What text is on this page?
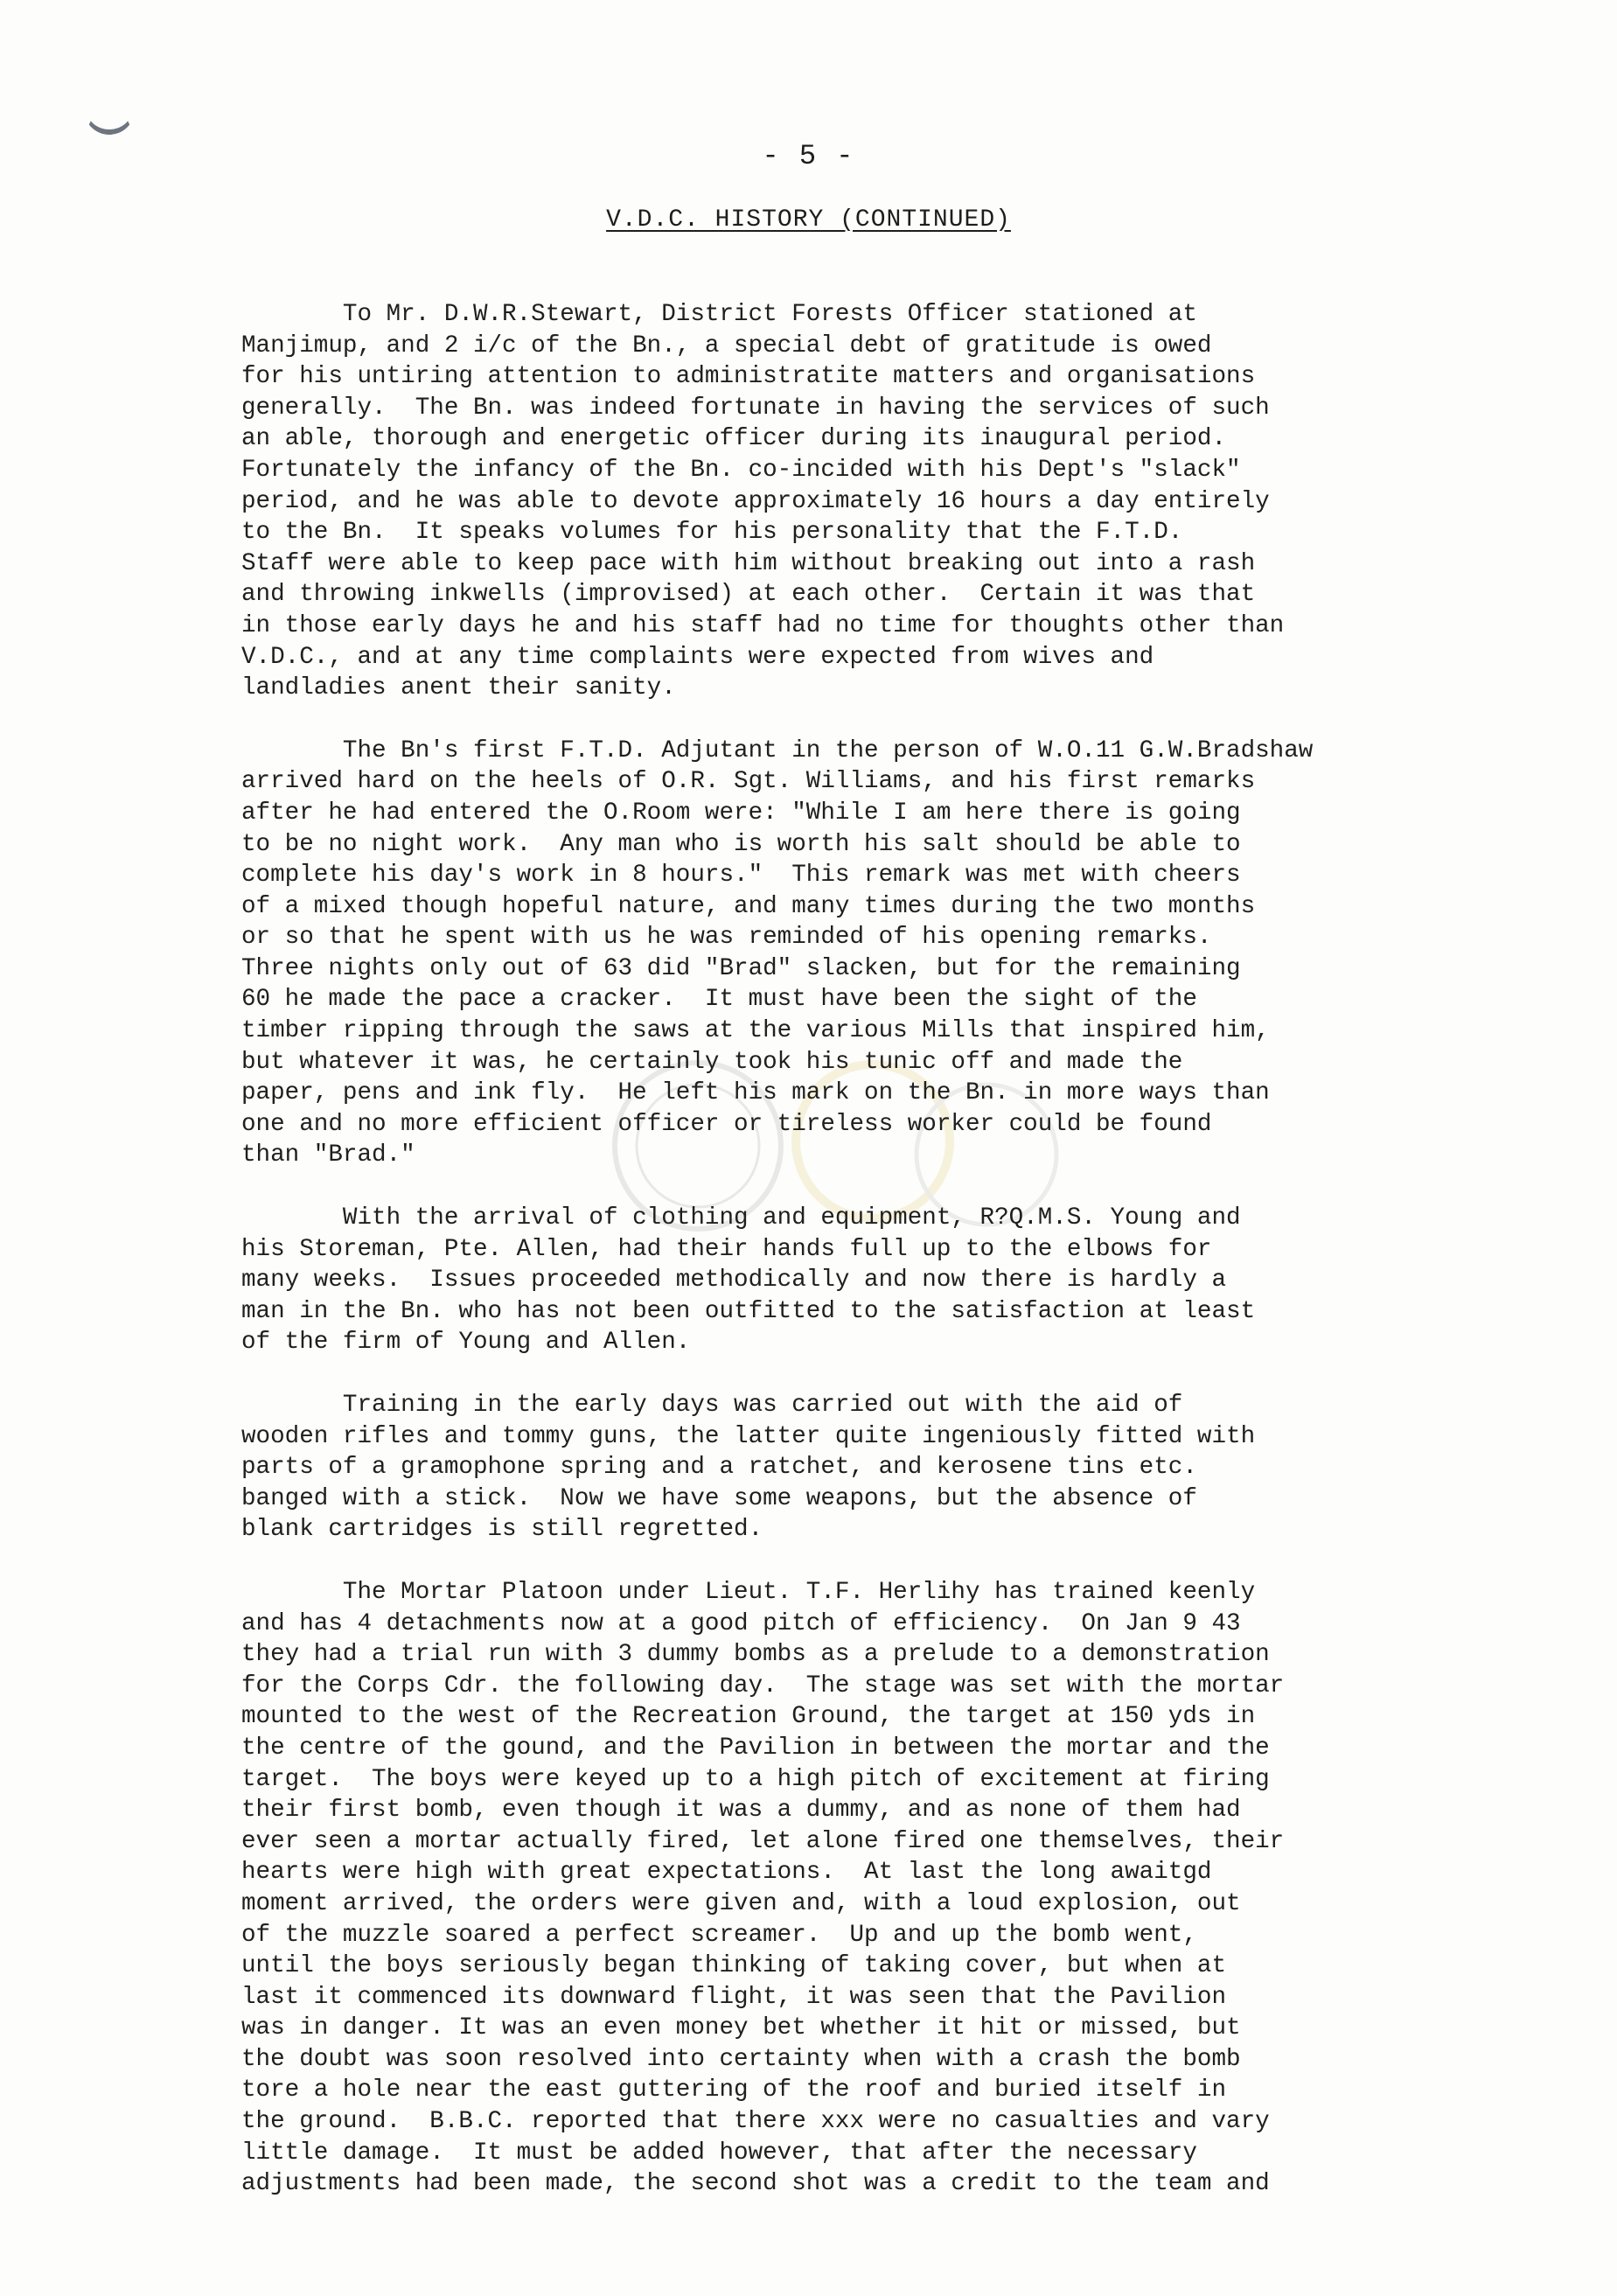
- 5 -
V.D.C. HISTORY (CONTINUED)
To Mr. D.W.R.Stewart, District Forests Officer stationed at
Manjimup, and 2 i/c of the Bn., a special debt of gratitude is owed
for his untiring attention to administratite matters and organisations
generally.  The Bn. was indeed fortunate in having the services of such
an able, thorough and energetic officer during its inaugural period.
Fortunately the infancy of the Bn. co-incided with his Dept's "slack"
period, and he was able to devote approximately 16 hours a day entirely
to the Bn.  It speaks volumes for his personality that the F.T.D.
Staff were able to keep pace with him without breaking out into a rash
and throwing inkwells (improvised) at each other.  Certain it was that
in those early days he and his staff had no time for thoughts other than
V.D.C., and at any time complaints were expected from wives and
landladies anent their sanity.
The Bn's first F.T.D. Adjutant in the person of W.O.11 G.W.Bradshaw
arrived hard on the heels of O.R. Sgt. Williams, and his first remarks
after he had entered the O.Room were: "While I am here there is going
to be no night work.  Any man who is worth his salt should be able to
complete his day's work in 8 hours."  This remark was met with cheers
of a mixed though hopeful nature, and many times during the two months
or so that he spent with us he was reminded of his opening remarks.
Three nights only out of 63 did "Brad" slacken, but for the remaining
60 he made the pace a cracker.  It must have been the sight of the
timber ripping through the saws at the various Mills that inspired him,
but whatever it was, he certainly took his tunic off and made the
paper, pens and ink fly.  He left his mark on the Bn. in more ways than
one and no more efficient officer or tireless worker could be found
than "Brad."
With the arrival of clothing and equipment, R?Q.M.S. Young and
his Storeman, Pte. Allen, had their hands full up to the elbows for
many weeks.  Issues proceeded methodically and now there is hardly a
man in the Bn. who has not been outfitted to the satisfaction at least
of the firm of Young and Allen.
Training in the early days was carried out with the aid of
wooden rifles and tommy guns, the latter quite ingeniously fitted with
parts of a gramophone spring and a ratchet, and kerosene tins etc.
banged with a stick.  Now we have some weapons, but the absence of
blank cartridges is still regretted.
The Mortar Platoon under Lieut. T.F. Herlihy has trained keenly
and has 4 detachments now at a good pitch of efficiency.  On Jan 9 43
they had a trial run with 3 dummy bombs as a prelude to a demonstration
for the Corps Cdr. the following day.  The stage was set with the mortar
mounted to the west of the Recreation Ground, the target at 150 yds in
the centre of the gound, and the Pavilion in between the mortar and the
target.  The boys were keyed up to a high pitch of excitement at firing
their first bomb, even though it was a dummy, and as none of them had
ever seen a mortar actually fired, let alone fired one themselves, their
hearts were high with great expectations.  At last the long awaitgd
moment arrived, the orders were given and, with a loud explosion, out
of the muzzle soared a perfect screamer.  Up and up the bomb went,
until the boys seriously began thinking of taking cover, but when at
last it commenced its downward flight, it was seen that the Pavilion
was in danger. It was an even money bet whether it hit or missed, but
the doubt was soon resolved into certainty when with a crash the bomb
tore a hole near the east guttering of the roof and buried itself in
the ground.  B.B.C. reported that there xxx were no casualties and vary
little damage.  It must be added however, that after the necessary
adjustments had been made, the second shot was a credit to the team and
